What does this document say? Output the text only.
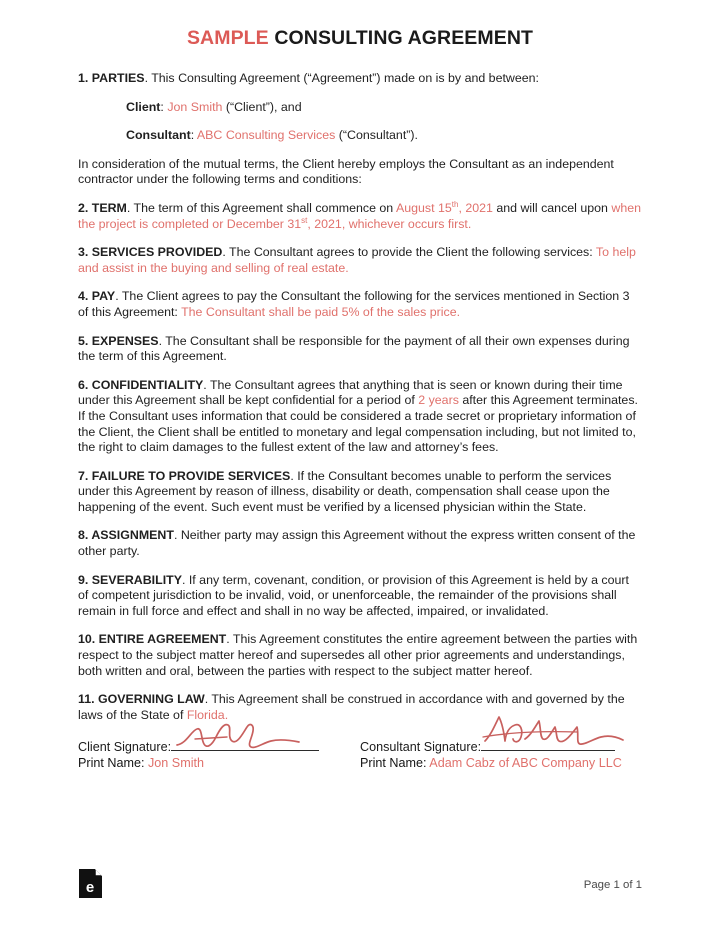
SAMPLE CONSULTING AGREEMENT

1. PARTIES. This Consulting Agreement (“Agreement”) made on is by and between:

Client: Jon Smith (“Client”), and

Consultant: ABC Consulting Services (“Consultant”).

In consideration of the mutual terms, the Client hereby employs the Consultant as an independent contractor under the following terms and conditions:

2. TERM. The term of this Agreement shall commence on August 15th, 2021 and will cancel upon when the project is completed or December 31st, 2021, whichever occurs first.

3. SERVICES PROVIDED. The Consultant agrees to provide the Client the following services: To help and assist in the buying and selling of real estate.

4. PAY. The Client agrees to pay the Consultant the following for the services mentioned in Section 3 of this Agreement: The Consultant shall be paid 5% of the sales price.

5. EXPENSES. The Consultant shall be responsible for the payment of all their own expenses during the term of this Agreement.

6. CONFIDENTIALITY. The Consultant agrees that anything that is seen or known during their time under this Agreement shall be kept confidential for a period of 2 years after this Agreement terminates. If the Consultant uses information that could be considered a trade secret or proprietary information of the Client, the Client shall be entitled to monetary and legal compensation including, but not limited to, the right to claim damages to the fullest extent of the law and attorney’s fees.

7. FAILURE TO PROVIDE SERVICES. If the Consultant becomes unable to perform the services under this Agreement by reason of illness, disability or death, compensation shall cease upon the happening of the event. Such event must be verified by a licensed physician within the State.

8. ASSIGNMENT. Neither party may assign this Agreement without the express written consent of the other party.

9. SEVERABILITY. If any term, covenant, condition, or provision of this Agreement is held by a court of competent jurisdiction to be invalid, void, or unenforceable, the remainder of the provisions shall remain in full force and effect and shall in no way be affected, impaired, or invalidated.

10. ENTIRE AGREEMENT. This Agreement constitutes the entire agreement between the parties with respect to the subject matter hereof and supersedes all other prior agreements and understandings, both written and oral, between the parties with respect to the subject matter hereof.

11. GOVERNING LAW. This Agreement shall be construed in accordance with and governed by the laws of the State of Florida.

Client Signature:	Consultant Signature:
Print Name: Jon Smith	Print Name: Adam Cabz of ABC Company LLC
e	Page 1 of 1
